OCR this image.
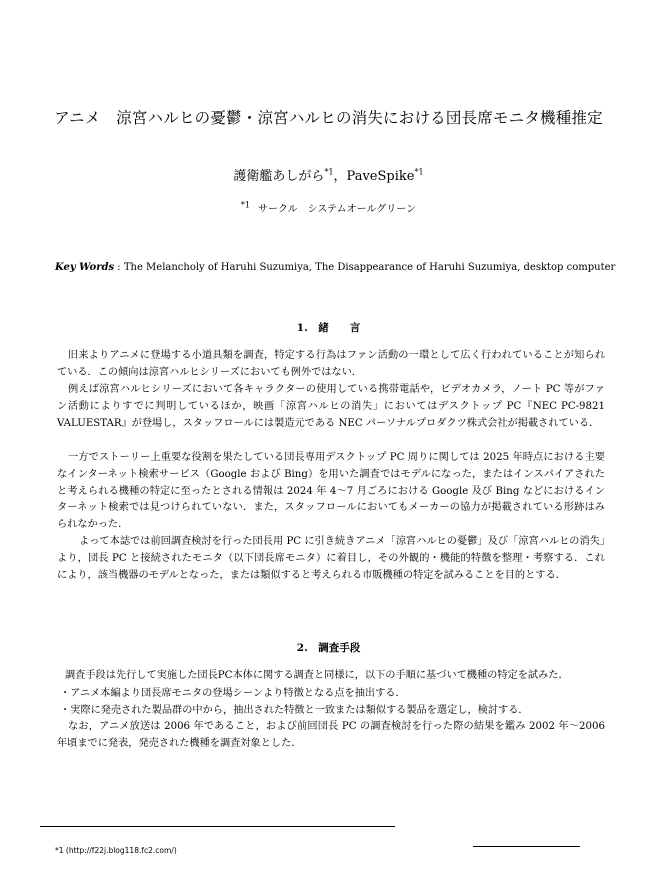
アニメ　涼宮ハルヒの憂鬱・涼宮ハルヒの消失における団長席モニタ機種推定
護衛艦あしがら$^{*1}$，PaveSpike$^{*1}$
$^{*1}$ サークル　システムオールグリーン
Key Words : The Melancholy of Haruhi Suzumiya, The Disappearance of Haruhi Suzumiya, desktop computer
1.　緒　　言
旧来よりアニメに登場する小道具類を調査，特定する行為はファン活動の一環として広く行われていることが知られている．この傾向は涼宮ハルヒシリーズにおいても例外ではない．
例えば涼宮ハルヒシリーズにおいて各キャラクターの使用している携帯電話や，ビデオカメラ，ノート PC 等がファン活動によりすでに判明しているほか，映画「涼宮ハルヒの消失」においてはデスクトップ PC『NEC PC-9821 VALUESTAR』が登場し，スタッフロールには製造元である NEC パーソナルプロダクツ株式会社が掲載されている．
一方でストーリー上重要な役割を果たしている団長専用デスクトップ PC 周りに関しては 2025 年時点における主要なインターネット検索サービス（Google および Bing）を用いた調査ではモデルになった，またはインスパイアされたと考えられる機種の特定に至ったとされる情報は 2024 年 4～7 月ごろにおける Google 及び Bing などにおけるインターネット検索では見つけられていない．また，スタッフロールにおいてもメーカーの協力が掲載されている形跡はみられなかった．
よって本誌では前回調査検討を行った団長用 PC に引き続きアニメ「涼宮ハルヒの憂鬱」及び「涼宮ハルヒの消失」より，団長 PC と接続されたモニタ（以下団長席モニタ）に着目し，その外観的・機能的特徴を整理・考察する．これにより，該当機器のモデルとなった，または類似すると考えられる市販機種の特定を試みることを目的とする．
2.　調査手段
調査手段は先行して実施した団長PC本体に関する調査と同様に，以下の手順に基づいて機種の特定を試みた．
・アニメ本編より団長席モニタの登場シーンより特徴となる点を抽出する．
・実際に発売された製品群の中から，抽出された特徴と一致または類似する製品を選定し，検討する．
なお，アニメ放送は 2006 年であること，および前回団長 PC の調査検討を行った際の結果を鑑み 2002 年～2006 年頃までに発表，発売された機種を調査対象とした．
*1 (http://f22j.blog118.fc2.com/)
